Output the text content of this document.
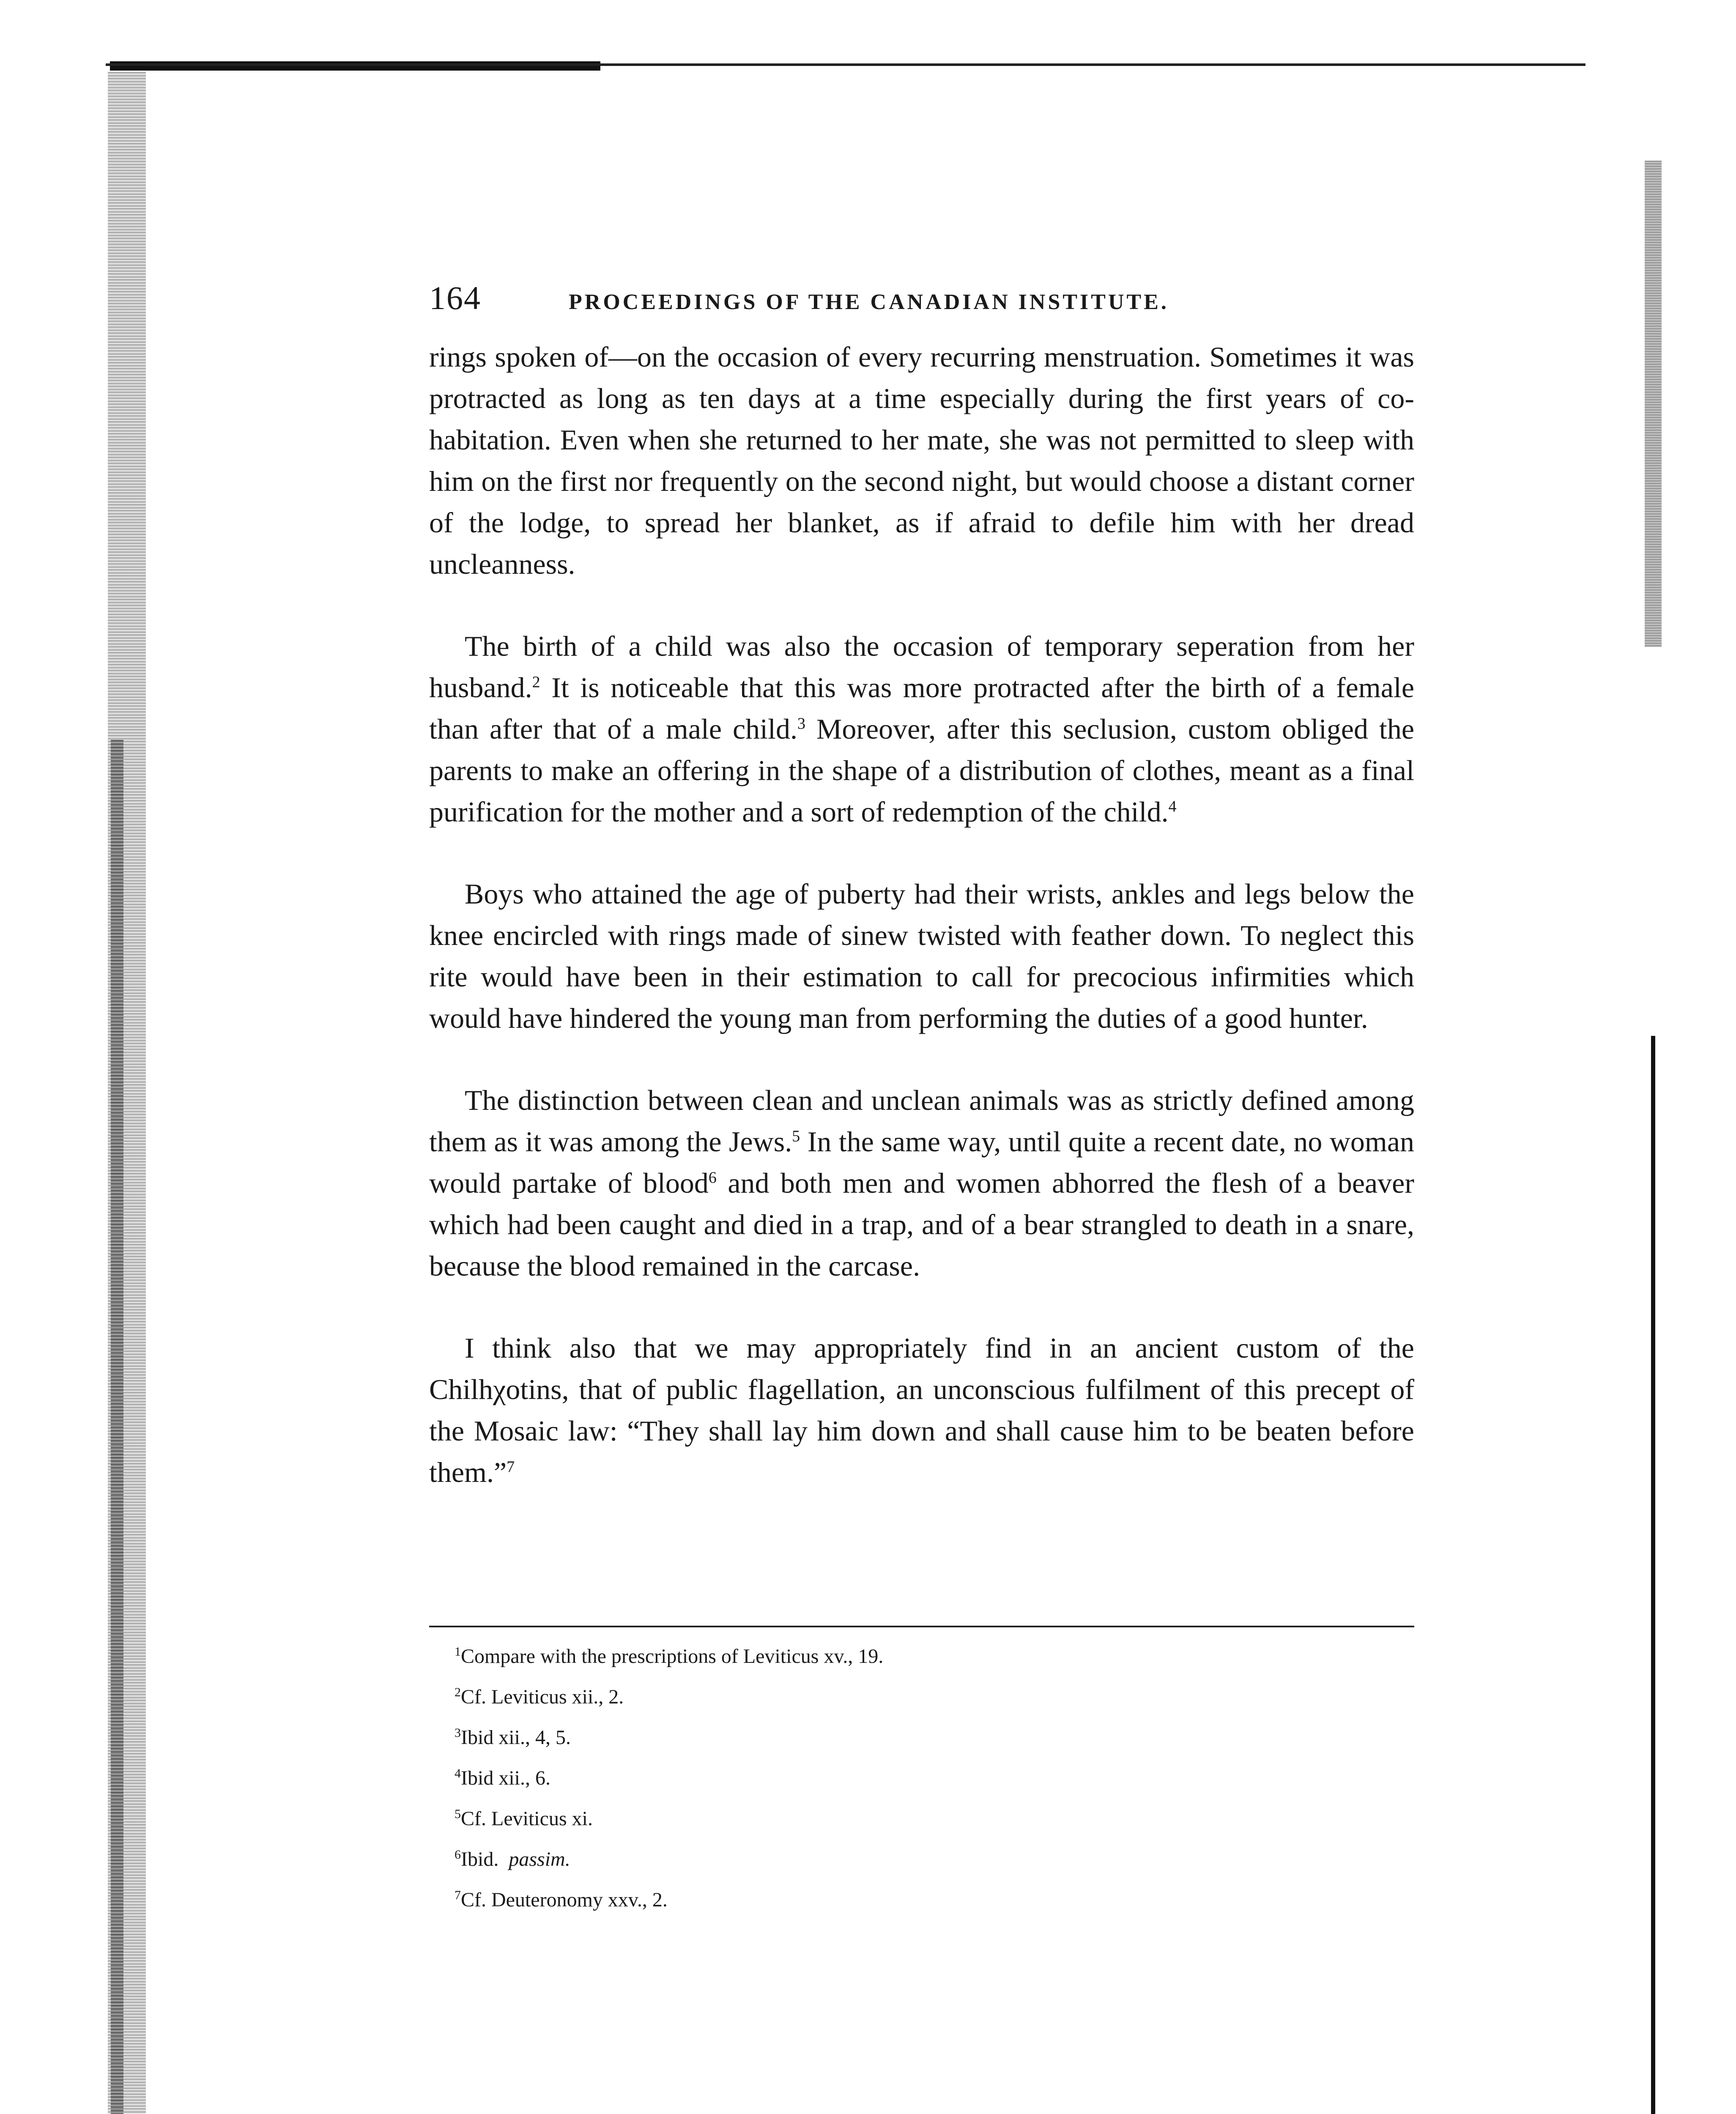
164	PROCEEDINGS OF THE CANADIAN INSTITUTE.

rings spoken of—on the occasion of every recurring menstruation. Sometimes it was protracted as long as ten days at a time especially during the first years of co-habitation. Even when she returned to her mate, she was not permitted to sleep with him on the first nor frequently on the second night, but would choose a distant corner of the lodge, to spread her blanket, as if afraid to defile him with her dread uncleanness.

The birth of a child was also the occasion of temporary seperation from her husband.$^2$ It is noticeable that this was more protracted after the birth of a female than after that of a male child.$^3$ Moreover, after this seclusion, custom obliged the parents to make an offering in the shape of a distribution of clothes, meant as a final purification for the mother and a sort of redemption of the child.$^4$

Boys who attained the age of puberty had their wrists, ankles and legs below the knee encircled with rings made of sinew twisted with feather down. To neglect this rite would have been in their estimation to call for precocious infirmities which would have hindered the young man from performing the duties of a good hunter.

The distinction between clean and unclean animals was as strictly defined among them as it was among the Jews.$^5$ In the same way, until quite a recent date, no woman would partake of blood$^6$ and both men and women abhorred the flesh of a beaver which had been caught and died in a trap, and of a bear strangled to death in a snare, because the blood remained in the carcase.

I think also that we may appropriately find in an ancient custom of the Chilhχotins, that of public flagellation, an unconscious fulfilment of this precept of the Mosaic law: “They shall lay him down and shall cause him to be beaten before them.”$^7$

$^1$Compare with the prescriptions of Leviticus xv., 19.
$^2$Cf. Leviticus xii., 2.
$^3$Ibid xii., 4, 5.
$^4$Ibid xii., 6.
$^5$Cf. Leviticus xi.
$^6$Ibid. passim.
$^7$Cf. Deuteronomy xxv., 2.
